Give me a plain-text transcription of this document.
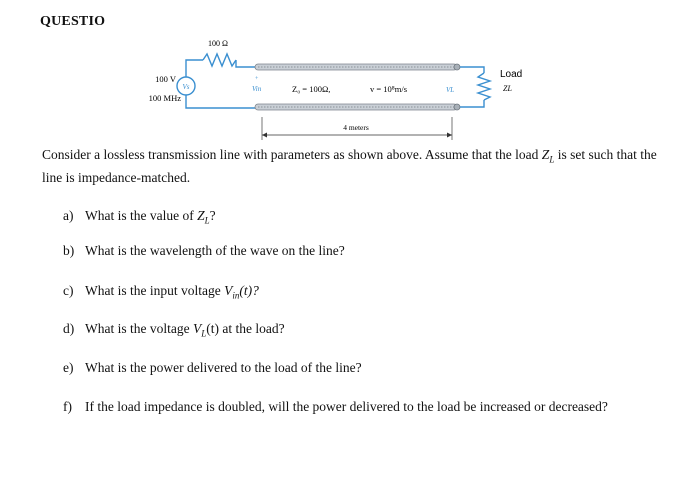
QUESTIO
Vs
100 Ω
+
Vin	Z₀ = 100Ω,	v = 10⁸m/s	VL
Load
ZL
100 V
100 MHz
4 meters
Consider a lossless transmission line with parameters as shown above. Assume that the load $Z_L$ is set such that the line is impedance-matched.
a) What is the value of $Z_L$?
b) What is the wavelength of the wave on the line?
c) What is the input voltage $V_{in}(t)$?
d) What is the voltage $V_L(t)$ at the load?
e) What is the power delivered to the load of the line?
f) If the load impedance is doubled, will the power delivered to the load be increased or decreased?
